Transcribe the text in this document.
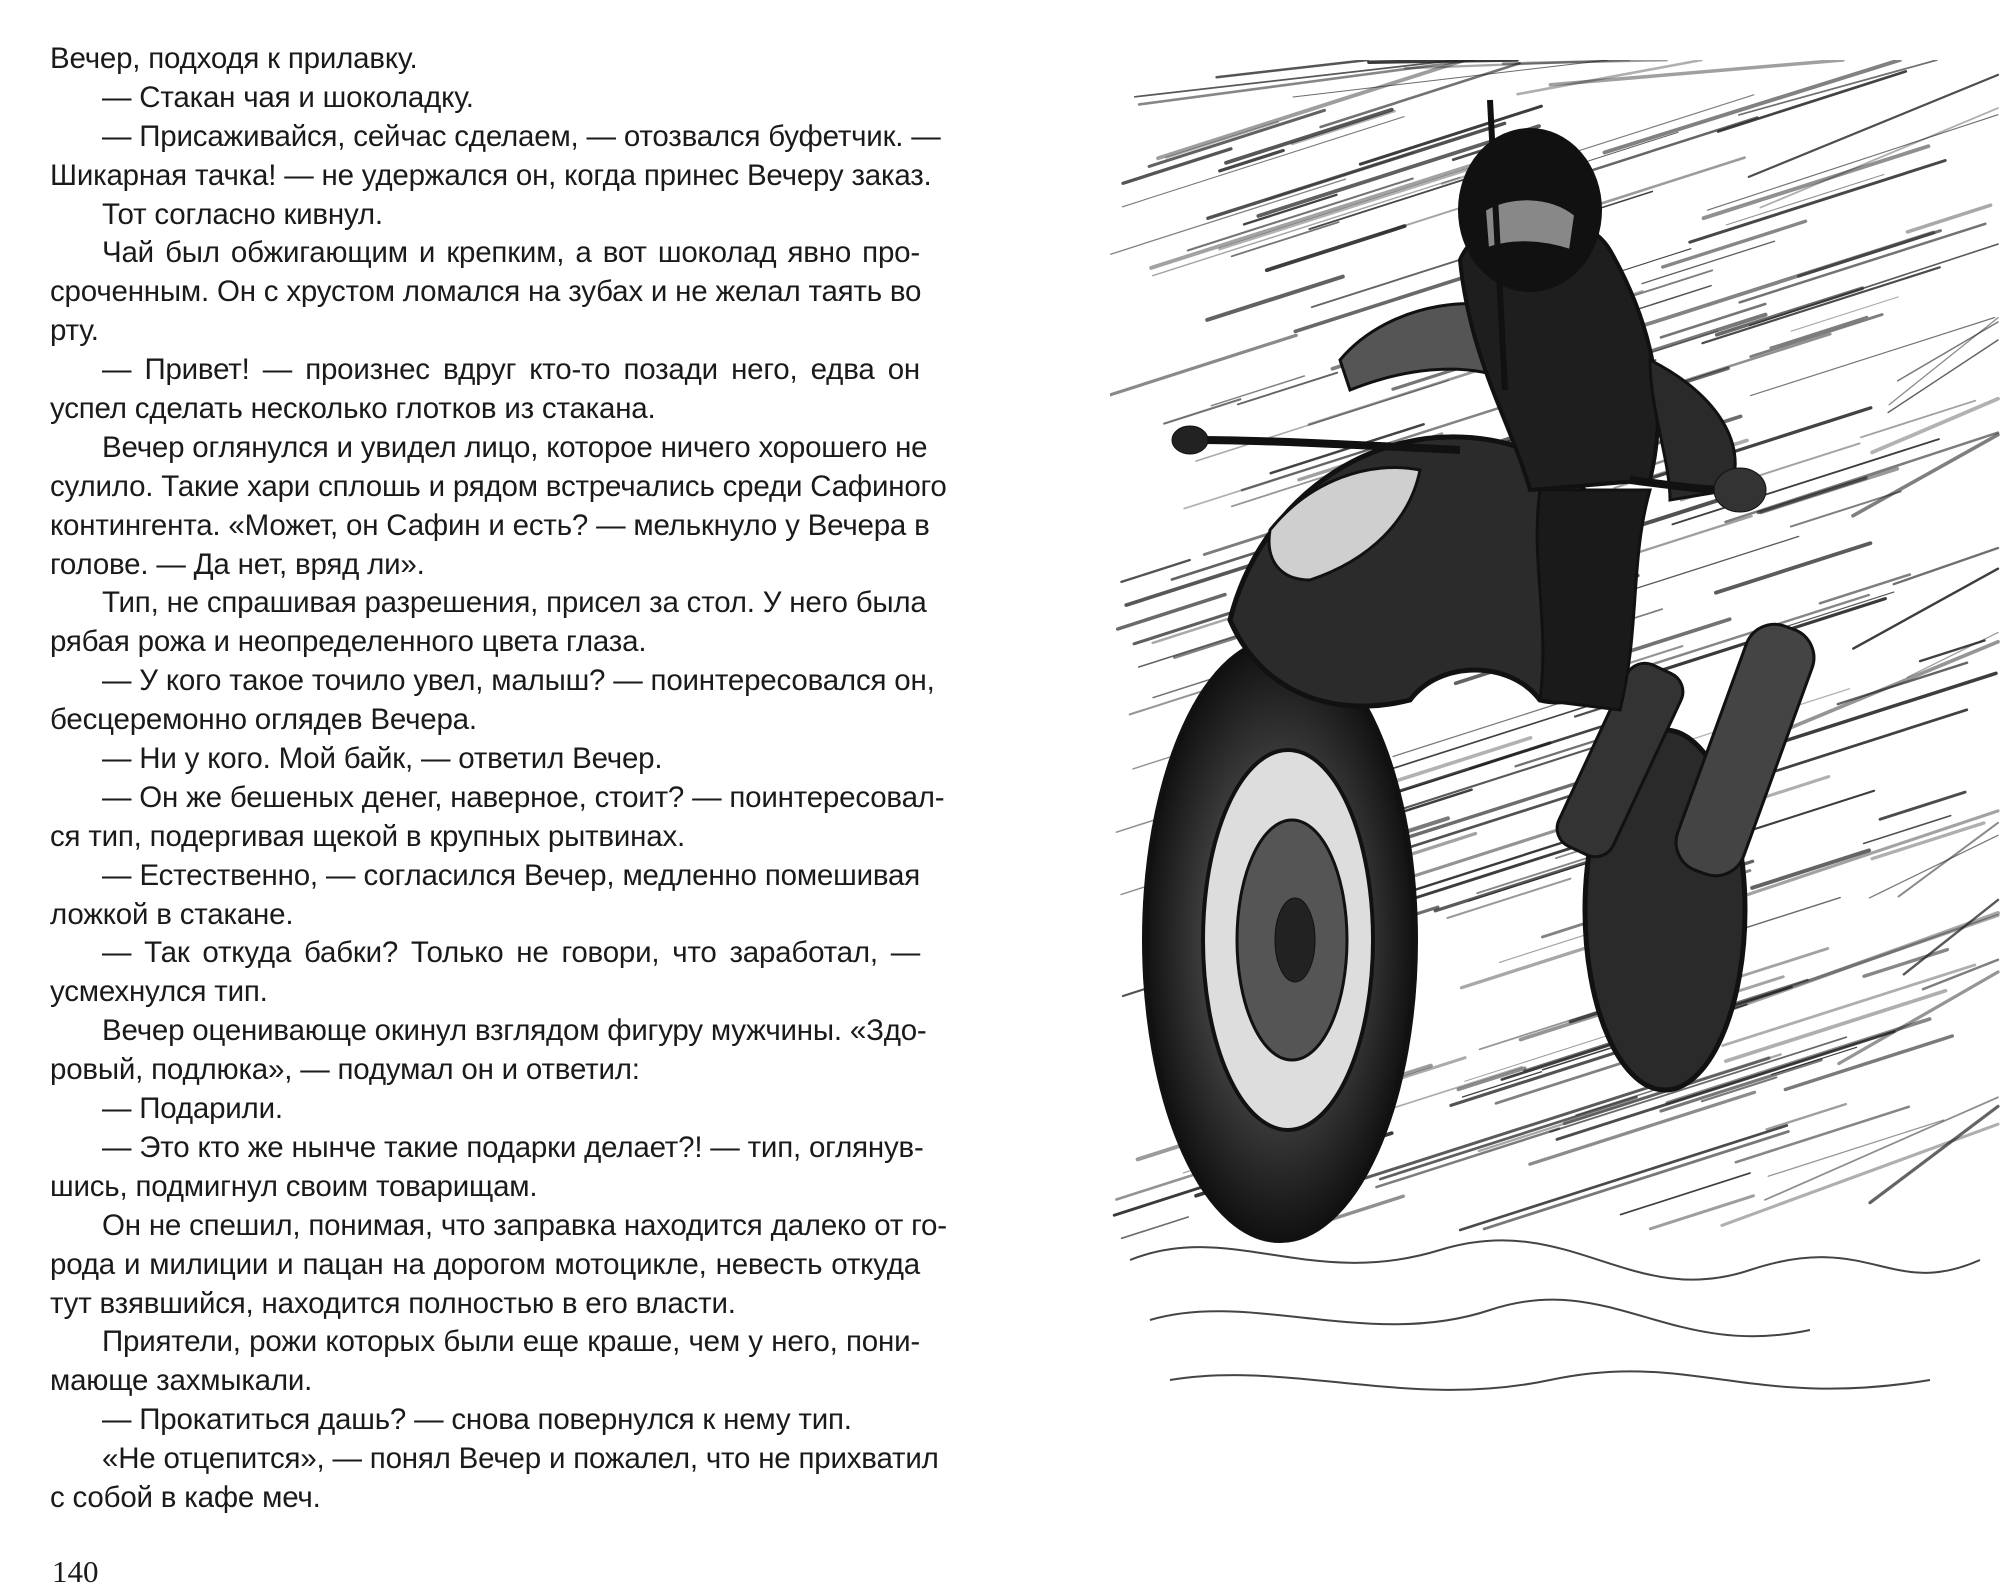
Вечер, подходя к прилавку.
— Стакан чая и шоколадку.
— Присаживайся, сейчас сделаем, — отозвался буфетчик. —
Шикарная тачка! — не удержался он, когда принес Вечеру заказ.
Тот согласно кивнул.
Чай был обжигающим и крепким, а вот шоколад явно про-
сроченным. Он с хрустом ломался на зубах и не желал таять во
рту.
— Привет! — произнес вдруг кто-то позади него, едва он
успел сделать несколько глотков из стакана.
Вечер оглянулся и увидел лицо, которое ничего хорошего не
сулило. Такие хари сплошь и рядом встречались среди Сафиного
контингента. «Может, он Сафин и есть? — мелькнуло у Вечера в
голове. — Да нет, вряд ли».
Тип, не спрашивая разрешения, присел за стол. У него была
рябая рожа и неопределенного цвета глаза.
— У кого такое точило увел, малыш? — поинтересовался он,
бесцеремонно оглядев Вечера.
— Ни у кого. Мой байк, — ответил Вечер.
— Он же бешеных денег, наверное, стоит? — поинтересовал-
ся тип, подергивая щекой в крупных рытвинах.
— Естественно, — согласился Вечер, медленно помешивая
ложкой в стакане.
— Так откуда бабки? Только не говори, что заработал, —
усмехнулся тип.
Вечер оценивающе окинул взглядом фигуру мужчины. «Здо-
ровый, подлюка», — подумал он и ответил:
— Подарили.
— Это кто же нынче такие подарки делает?! — тип, оглянув-
шись, подмигнул своим товарищам.
Он не спешил, понимая, что заправка находится далеко от го-
рода и милиции и пацан на дорогом мотоцикле, невесть откуда
тут взявшийся, находится полностью в его власти.
Приятели, рожи которых были еще краше, чем у него, пони-
мающе захмыкали.
— Прокатиться дашь? — снова повернулся к нему тип.
«Не отцепится», — понял Вечер и пожалел, что не прихватил
с собой в кафе меч.
140
